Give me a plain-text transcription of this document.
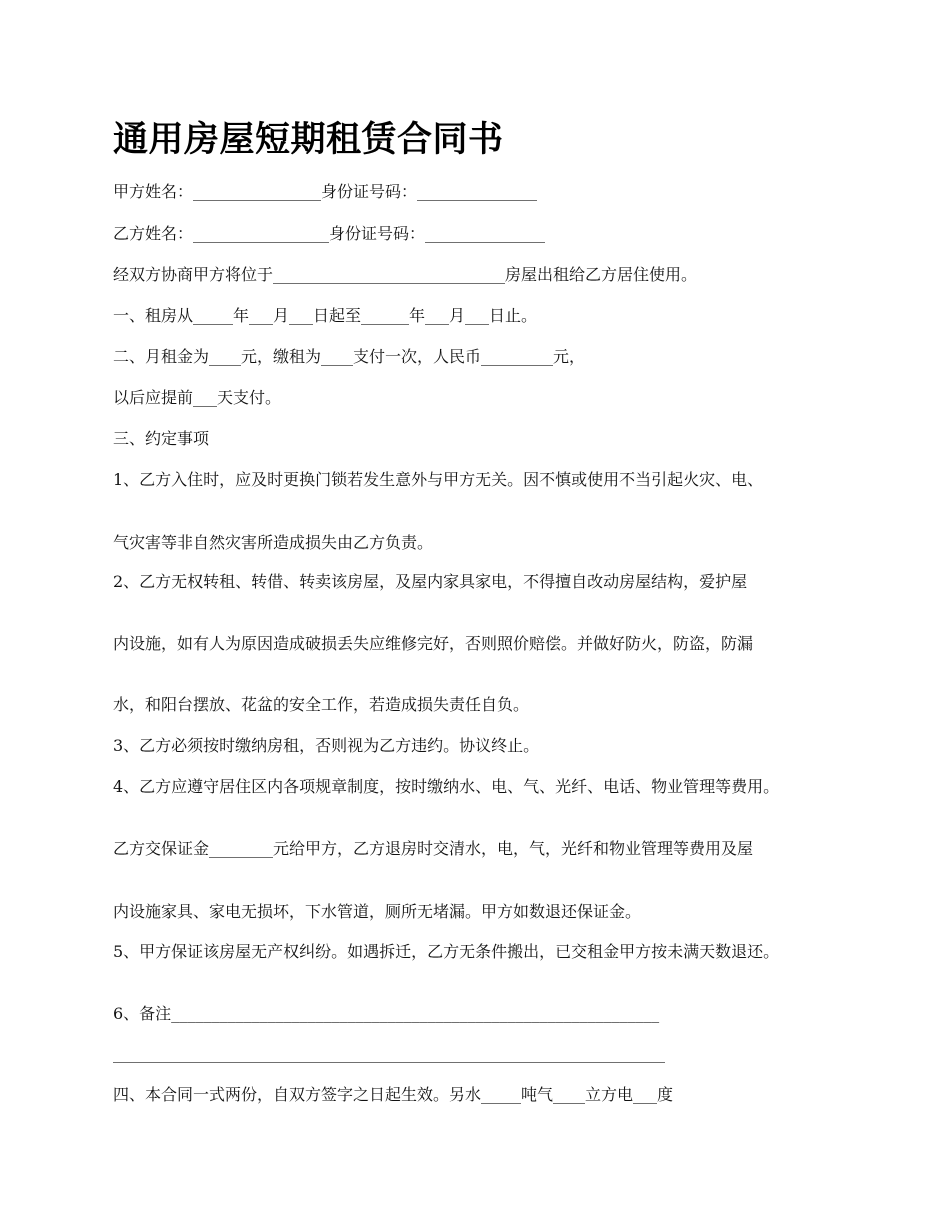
通用房屋短期租赁合同书

甲方姓名：________________身份证号码：_______________

乙方姓名：_________________身份证号码：_______________

经双方协商甲方将位于_____________________________房屋出租给乙方居住使用。

一、租房从_____年___月___日起至______年___月___日止。

二、月租金为____元，缴租为____支付一次，人民币_________元，

以后应提前___天支付。

三、约定事项

1、乙方入住时，应及时更换门锁若发生意外与甲方无关。因不慎或使用不当引起火灾、电、

气灾害等非自然灾害所造成损失由乙方负责。

2、乙方无权转租、转借、转卖该房屋，及屋内家具家电，不得擅自改动房屋结构，爱护屋

内设施，如有人为原因造成破损丢失应维修完好，否则照价赔偿。并做好防火，防盗，防漏

水，和阳台摆放、花盆的安全工作，若造成损失责任自负。

3、乙方必须按时缴纳房租，否则视为乙方违约。协议终止。

4、乙方应遵守居住区内各项规章制度，按时缴纳水、电、气、光纤、电话、物业管理等费用。

乙方交保证金________元给甲方，乙方退房时交清水，电，气，光纤和物业管理等费用及屋

内设施家具、家电无损坏，下水管道，厕所无堵漏。甲方如数退还保证金。

5、甲方保证该房屋无产权纠纷。如遇拆迁，乙方无条件搬出，已交租金甲方按未满天数退还。

6、备注_____________________________________________________________

_____________________________________________________________________

四、本合同一式两份，自双方签字之日起生效。另水_____吨气____立方电___度
